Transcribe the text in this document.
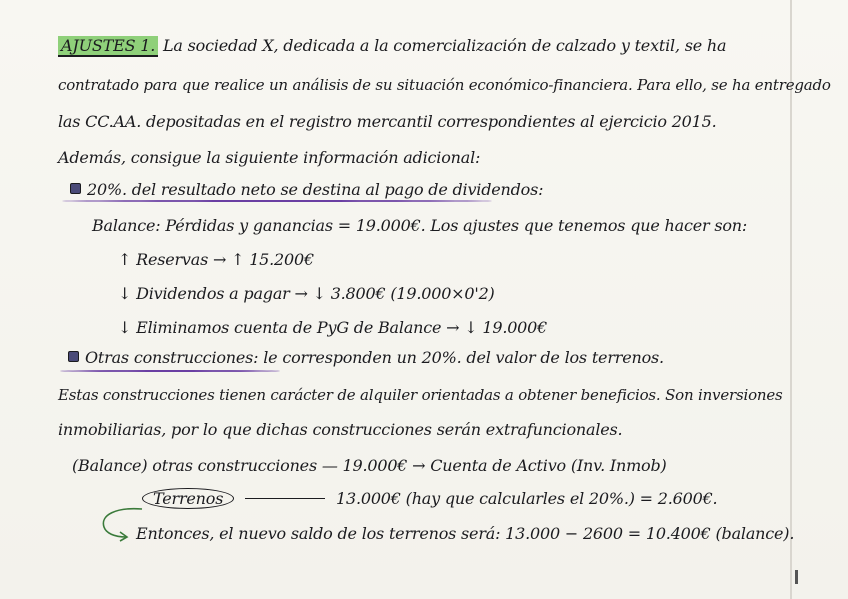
AJUSTES 1. La sociedad X, dedicada a la comercialización de calzado y textil, se ha
contratado para que realice un análisis de su situación económico-financiera. Para ello, se ha entregado
las CC.AA. depositadas en el registro mercantil correspondientes al ejercicio 2015.
Además, consigue la siguiente información adicional:
20%. del resultado neto se destina al pago de dividendos:
Balance: Pérdidas y ganancias = 19.000€. Los ajustes que tenemos que hacer son:
↑ Reservas → ↑ 15.200€
↓ Dividendos a pagar → ↓ 3.800€ (19.000×0'2)
↓ Eliminamos cuenta de PyG de Balance → ↓ 19.000€
Otras construcciones: le corresponden un 20%. del valor de los terrenos.
Estas construcciones tienen carácter de alquiler orientadas a obtener beneficios. Son inversiones
inmobiliarias, por lo que dichas construcciones serán extrafuncionales.
(Balance) otras construcciones — 19.000€ → Cuenta de Activo (Inv. Inmob)
Terrenos	13.000€ (hay que calcularles el 20%.) = 2.600€.
Entonces, el nuevo saldo de los terrenos será: 13.000 − 2600 = 10.400€ (balance).
